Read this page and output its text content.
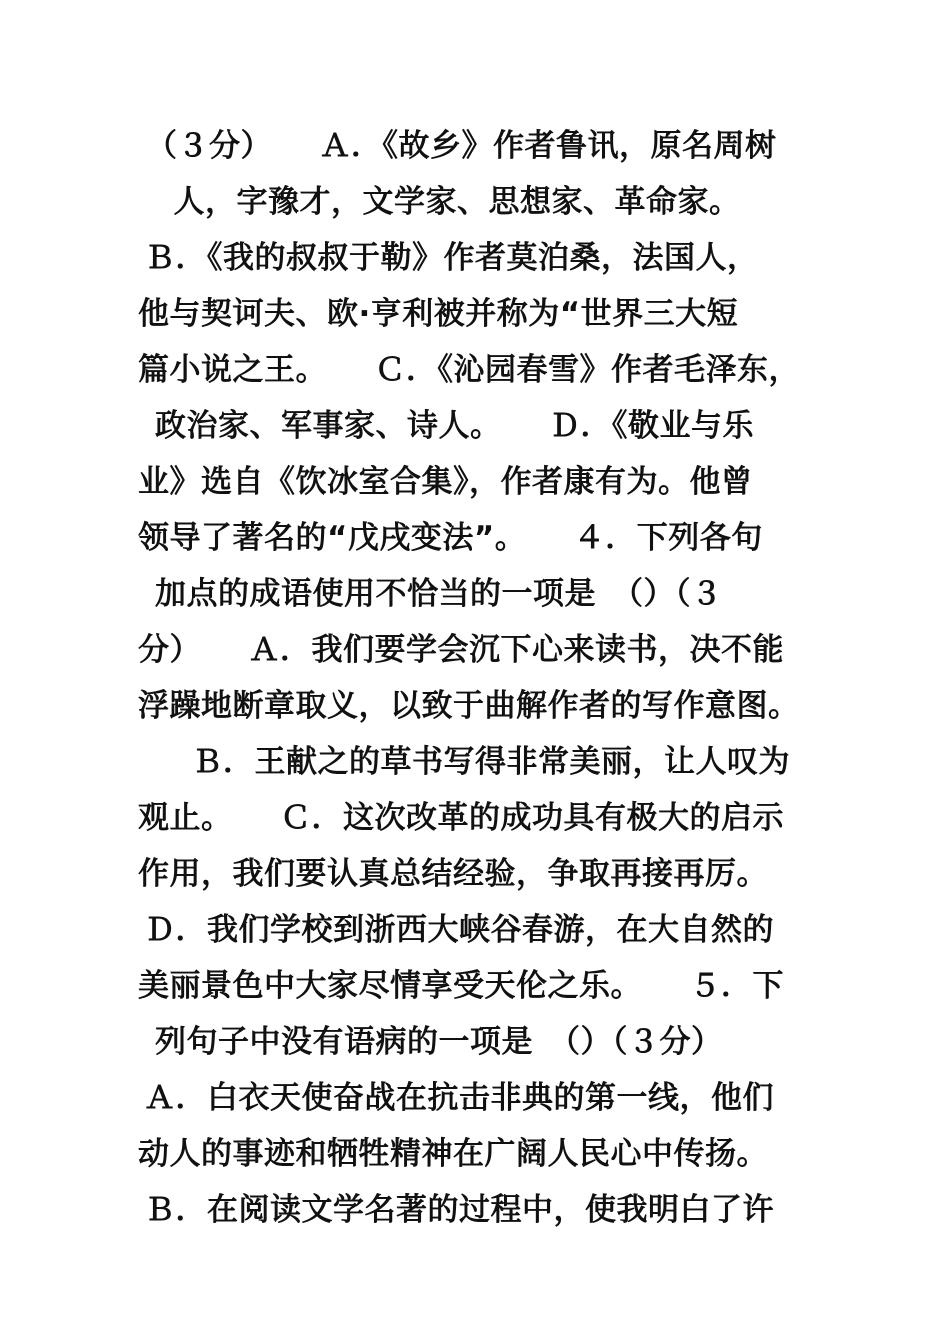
（３分）　　Ａ．《故乡》作者鲁讯，原名周树
　人，字豫才，文学家、思想家、革命家。
Ｂ．《我的叔叔于勒》作者莫泊桑，法国人，
他与契诃夫、欧·亨利被并称为“世界三大短
篇小说之王。　　Ｃ．《沁园春雪》作者毛泽东，
政治家、军事家、诗人。　　Ｄ．《敬业与乐
业》选自《饮冰室合集》，作者康有为。他曾
领导了著名的“戊戌变法”。　　４．下列各句
加点的成语使用不恰当的一项是　（）（３
分）　　Ａ．我们要学会沉下心来读书，决不能
浮躁地断章取义，以致于曲解作者的写作意图。
　Ｂ．王献之的草书写得非常美丽，让人叹为
观止。　　Ｃ．这次改革的成功具有极大的启示
作用，我们要认真总结经验，争取再接再厉。
Ｄ．我们学校到浙西大峡谷春游，在大自然的
美丽景色中大家尽情享受天伦之乐。　　５．下
列句子中没有语病的一项是　（）（３分）
Ａ．白衣天使奋战在抗击非典的第一线，他们
动人的事迹和牺牲精神在广阔人民心中传扬。
Ｂ．在阅读文学名著的过程中，使我明白了许
